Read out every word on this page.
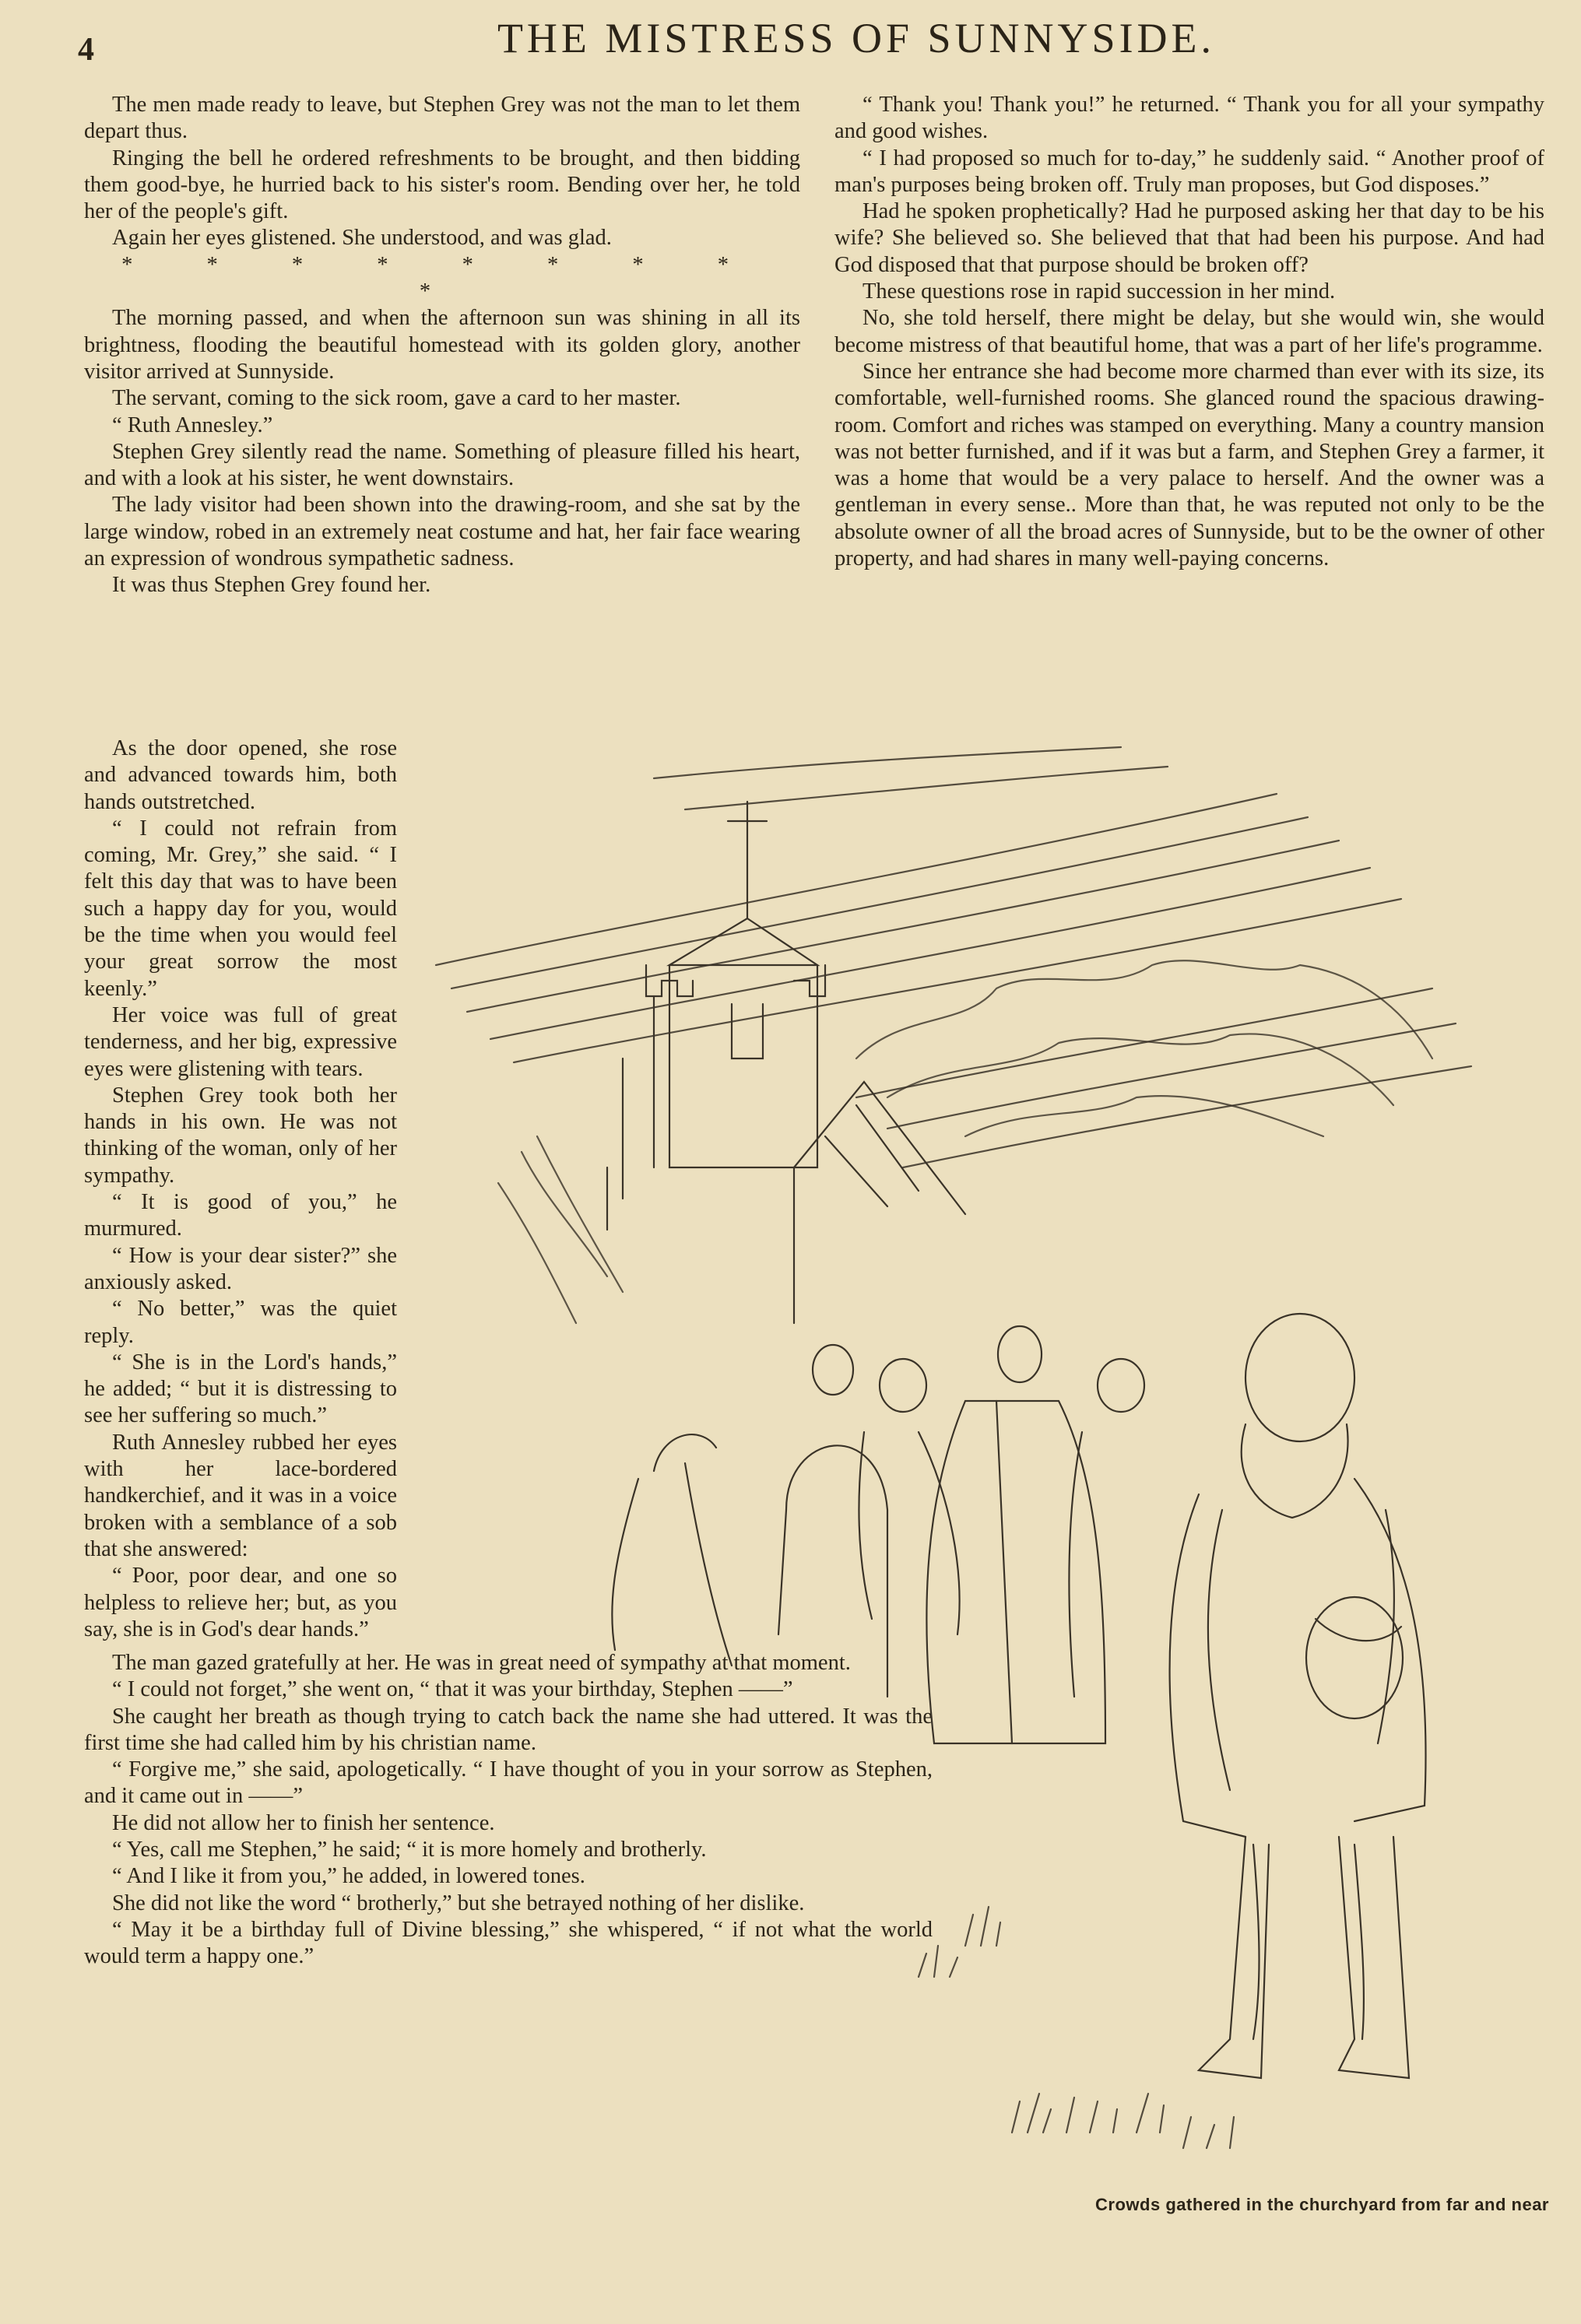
4	THE MISTRESS OF SUNNYSIDE.

The men made ready to leave, but Stephen Grey was not the man to let them depart thus.

Ringing the bell he ordered refreshments to be brought, and then bidding them good-bye, he hurried back to his sister's room. Bending over her, he told her of the people's gift.

Again her eyes glistened. She understood, and was glad.

* * * * * * * * *

The morning passed, and when the afternoon sun was shining in all its brightness, flooding the beautiful homestead with its golden glory, another visitor arrived at Sunnyside.

The servant, coming to the sick room, gave a card to her master.

“ Ruth Annesley.”

Stephen Grey silently read the name. Something of pleasure filled his heart, and with a look at his sister, he went downstairs.

The lady visitor had been shown into the drawing-room, and she sat by the large window, robed in an extremely neat costume and hat, her fair face wearing an expression of wondrous sympathetic sadness.

It was thus Stephen Grey found her.

“ Thank you! Thank you!” he returned. “ Thank you for all your sympathy and good wishes.

“ I had proposed so much for to-day,” he suddenly said. “ Another proof of man's purposes being broken off. Truly man proposes, but God disposes.”

Had he spoken prophetically? Had he purposed asking her that day to be his wife? She believed so. She believed that that had been his purpose. And had God disposed that that purpose should be broken off?

These questions rose in rapid succession in her mind.

No, she told herself, there might be delay, but she would win, she would become mistress of that beautiful home, that was a part of her life's programme.

Since her entrance she had become more charmed than ever with its size, its comfortable, well-furnished rooms. She glanced round the spacious drawing-room. Comfort and riches was stamped on everything. Many a country mansion was not better furnished, and if it was but a farm, and Stephen Grey a farmer, it was a home that would be a very palace to herself. And the owner was a gentleman in every sense.. More than that, he was reputed not only to be the absolute owner of all the broad acres of Sunnyside, but to be the owner of other property, and had shares in many well-paying concerns.

As the door opened, she rose and advanced towards him, both hands outstretched.

“ I could not refrain from coming, Mr. Grey,” she said. “ I felt this day that was to have been such a happy day for you, would be the time when you would feel your great sorrow the most keenly.”

Her voice was full of great tenderness, and her big, expressive eyes were glistening with tears.

Stephen Grey took both her hands in his own. He was not thinking of the woman, only of her sympathy.

“ It is good of you,” he murmured.

“ How is your dear sister?” she anxiously asked.

“ No better,” was the quiet reply.

“ She is in the Lord's hands,” he added; “ but it is distressing to see her suffering so much.”

Ruth Annesley rubbed her eyes with her lace-bordered handkerchief, and it was in a voice broken with a semblance of a sob that she answered:

“ Poor, poor dear, and one so helpless to relieve her; but, as you say, she is in God's dear hands.”

The man gazed gratefully at her. He was in great need of sympathy at that moment.

“ I could not forget,” she went on, “ that it was your birthday, Stephen ——”

She caught her breath as though trying to catch back the name she had uttered. It was the first time she had called him by his christian name.

“ Forgive me,” she said, apologetically. “ I have thought of you in your sorrow as Stephen, and it came out in ——”

He did not allow her to finish her sentence.

“ Yes, call me Stephen,” he said; “ it is more homely and brotherly.

“ And I like it from you,” he added, in lowered tones.

She did not like the word “ brotherly,” but she betrayed nothing of her dislike.

“ May it be a birthday full of Divine blessing,” she whispered, “ if not what the world would term a happy one.”

Crowds gathered in the churchyard from far and near
